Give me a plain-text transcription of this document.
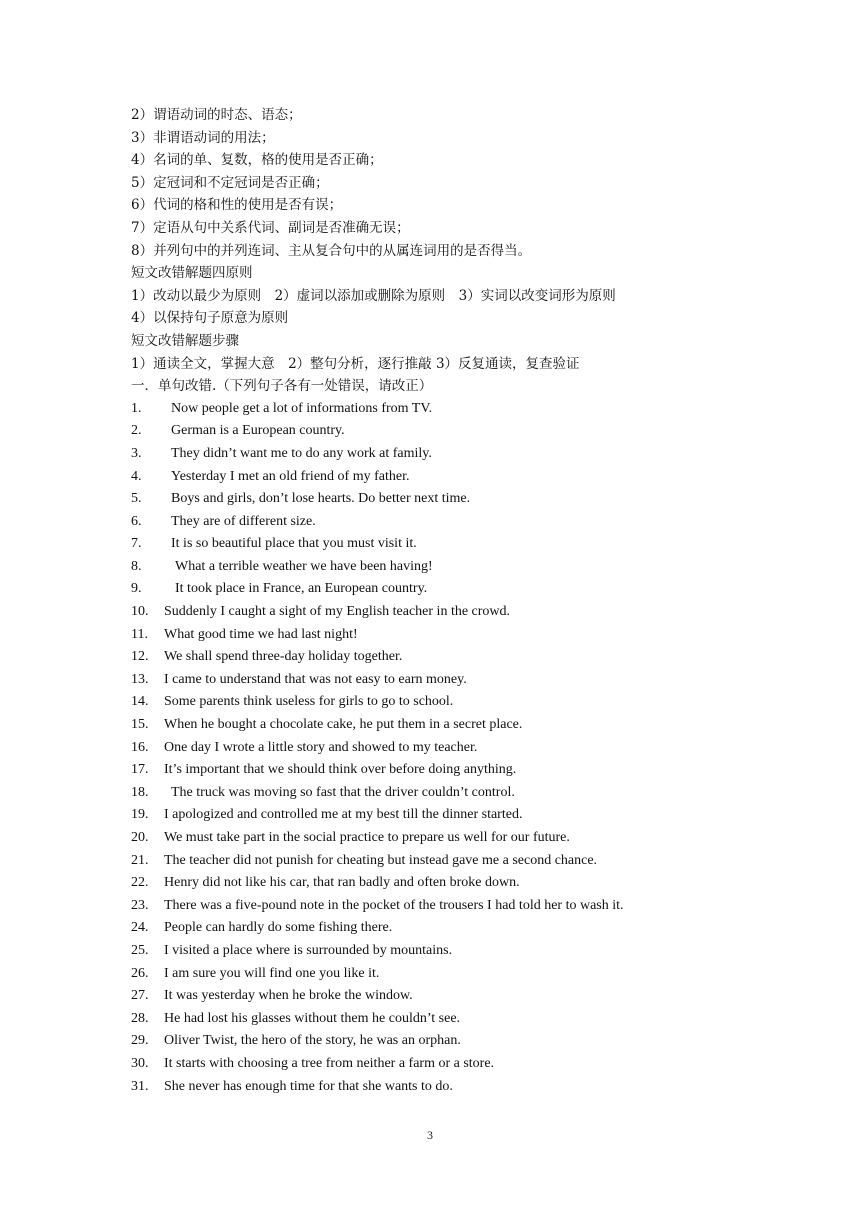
2）谓语动词的时态、语态；
3）非谓语动词的用法；
4）名词的单、复数，格的使用是否正确；
5）定冠词和不定冠词是否正确；
6）代词的格和性的使用是否有误；
7）定语从句中关系代词、副词是否准确无误；
8）并列句中的并列连词、主从复合句中的从属连词用的是否得当。
短文改错解题四原则
1）改动以最少为原则　2）虚词以添加或删除为原则　3）实词以改变词形为原则
4）以保持句子原意为原则
短文改错解题步骤
1）通读全文，掌握大意　2）整句分析，逐行推敲 3）反复通读，复查验证
一．单句改错.（下列句子各有一处错误，请改正）
1. Now people get a lot of informations from TV.
2. German is a European country.
3. They didn’t want me to do any work at family.
4. Yesterday I met an old friend of my father.
5. Boys and girls, don’t lose hearts. Do better next time.
6. They are of different size.
7. It is so beautiful place that you must visit it.
8. What a terrible weather we have been having!
9. It took place in France, an European country.
10. Suddenly I caught a sight of my English teacher in the crowd.
11. What good time we had last night!
12. We shall spend three-day holiday together.
13. I came to understand that was not easy to earn money.
14. Some parents think useless for girls to go to school.
15. When he bought a chocolate cake, he put them in a secret place.
16. One day I wrote a little story and showed to my teacher.
17. It’s important that we should think over before doing anything.
18. The truck was moving so fast that the driver couldn’t control.
19. I apologized and controlled me at my best till the dinner started.
20. We must take part in the social practice to prepare us well for our future.
21. The teacher did not punish for cheating but instead gave me a second chance.
22. Henry did not like his car, that ran badly and often broke down.
23. There was a five-pound note in the pocket of the trousers I had told her to wash it.
24. People can hardly do some fishing there.
25. I visited a place where is surrounded by mountains.
26. I am sure you will find one you like it.
27. It was yesterday when he broke the window.
28. He had lost his glasses without them he couldn’t see.
29. Oliver Twist, the hero of the story, he was an orphan.
30. It starts with choosing a tree from neither a farm or a store.
31. She never has enough time for that she wants to do.
3
